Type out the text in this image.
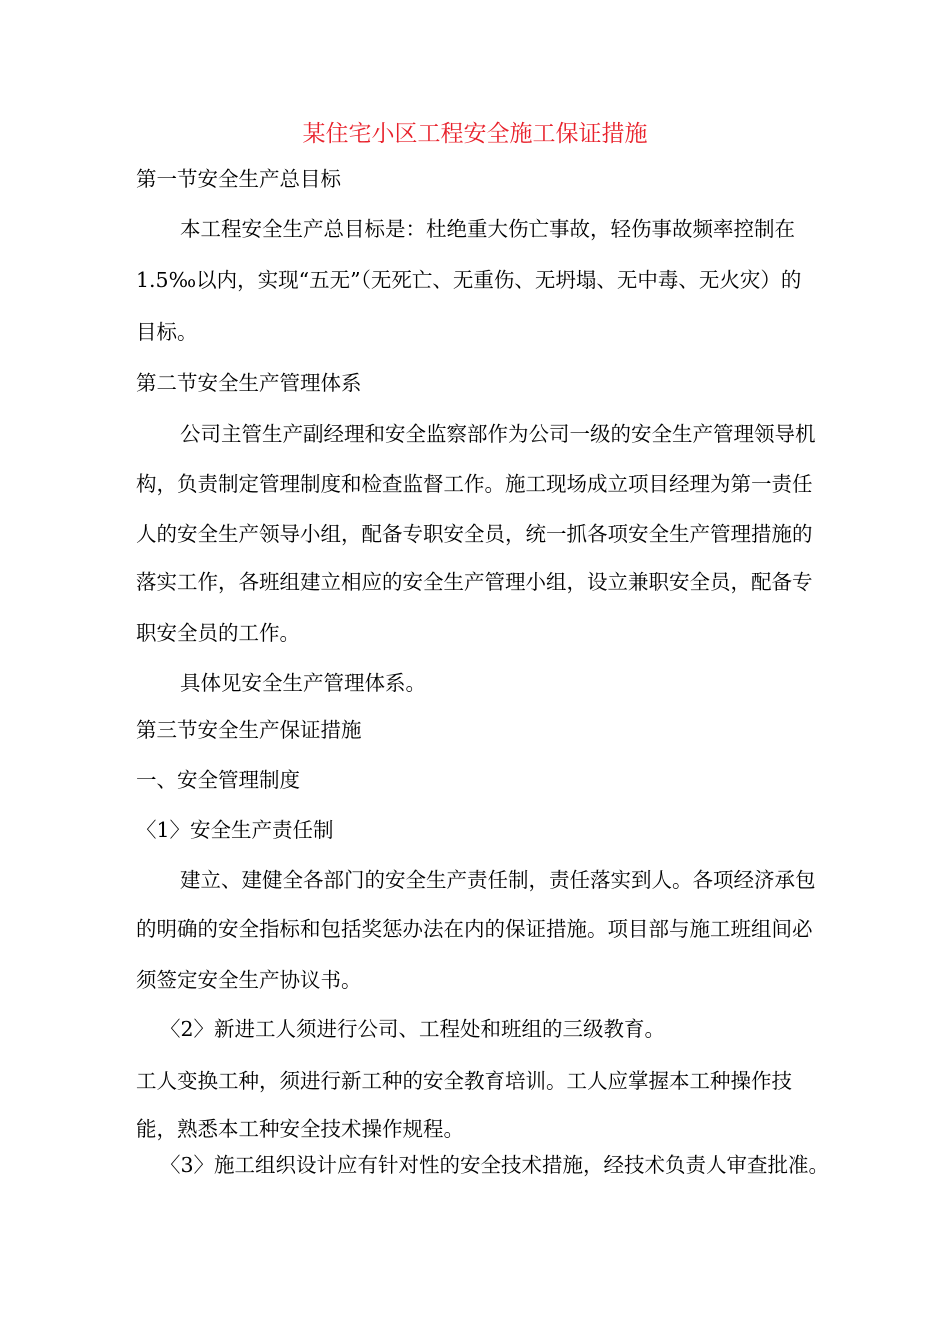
某住宅小区工程安全施工保证措施
第一节安全生产总目标
本工程安全生产总目标是：杜绝重大伤亡事故，轻伤事故频率控制在
1.5‰以内，实现“五无”（无死亡、无重伤、无坍塌、无中毒、无火灾）的
目标。
第二节安全生产管理体系
公司主管生产副经理和安全监察部作为公司一级的安全生产管理领导机
构，负责制定管理制度和检查监督工作。施工现场成立项目经理为第一责任
人的安全生产领导小组，配备专职安全员，统一抓各项安全生产管理措施的
落实工作，各班组建立相应的安全生产管理小组，设立兼职安全员，配备专
职安全员的工作。
具体见安全生产管理体系。
第三节安全生产保证措施
一、安全管理制度
〈1〉安全生产责任制
建立、建健全各部门的安全生产责任制，责任落实到人。各项经济承包
的明确的安全指标和包括奖惩办法在内的保证措施。项目部与施工班组间必
须签定安全生产协议书。
〈2〉新进工人须进行公司、工程处和班组的三级教育。
工人变换工种，须进行新工种的安全教育培训。工人应掌握本工种操作技
能，熟悉本工种安全技术操作规程。
〈3〉施工组织设计应有针对性的安全技术措施，经技术负责人审查批准。
